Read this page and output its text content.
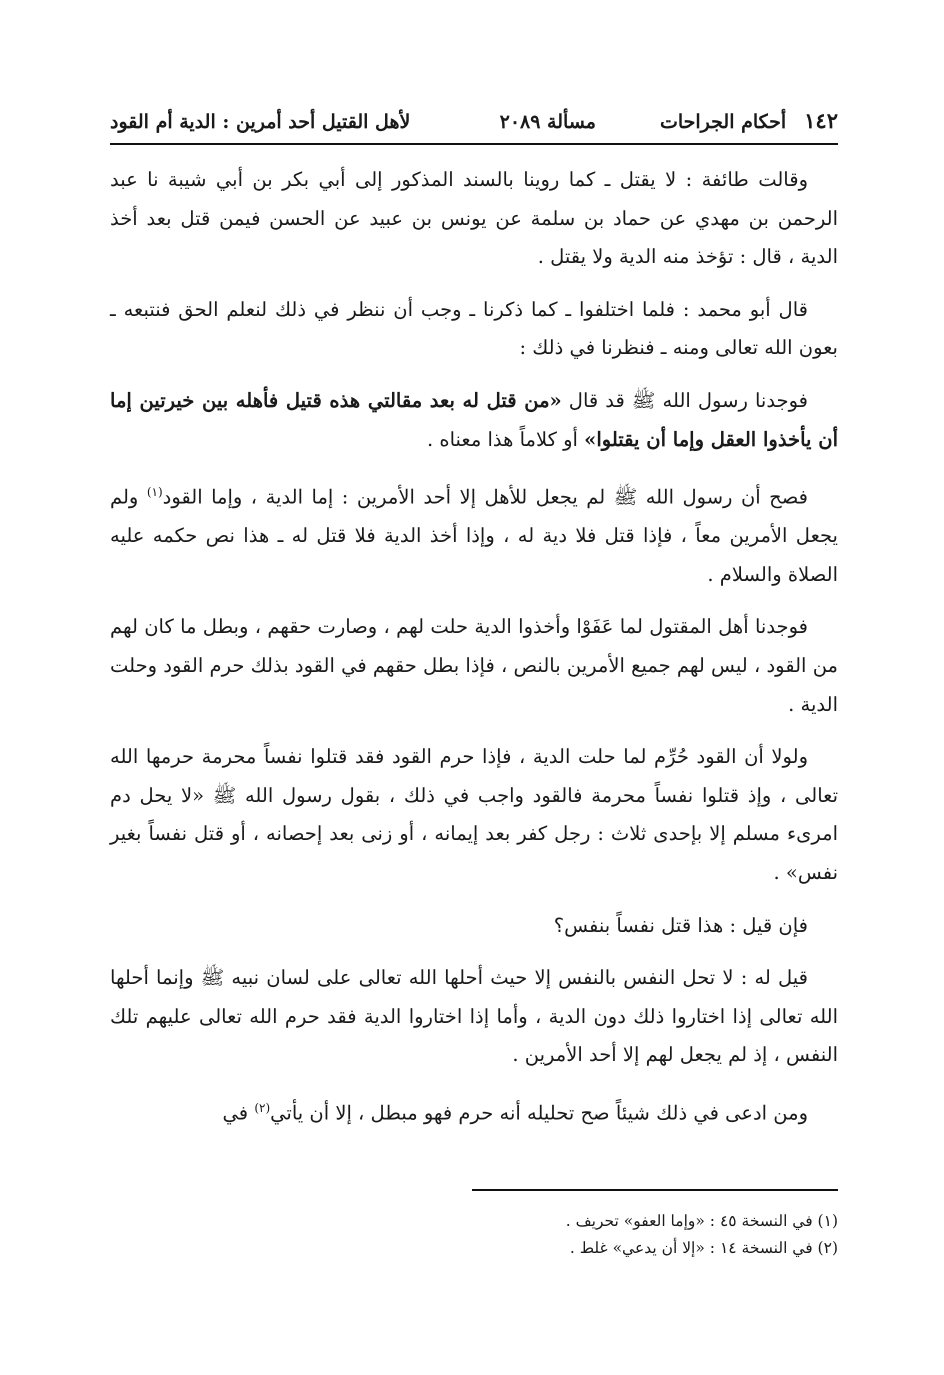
١٤٢
أحكام الجراحات
مسألة ٢٠٨٩
لأهل القتيل أحد أمرين : الدية أم القود

وقالت طائفة : لا يقتل ـ كما روينا بالسند المذكور إلى أبي بكر بن أبي شيبة نا عبد الرحمن بن مهدي عن حماد بن سلمة عن يونس بن عبيد عن الحسن فيمن قتل بعد أخذ الدية ، قال : تؤخذ منه الدية ولا يقتل .

قال أبو محمد : فلما اختلفوا ـ كما ذكرنا ـ وجب أن ننظر في ذلك لنعلم الحق فنتبعه ـ بعون الله تعالى ومنه ـ فنظرنا في ذلك :

فوجدنا رسول الله ﷺ قد قال «من قتل له بعد مقالتي هذه قتيل فأهله بين خيرتين إما أن يأخذوا العقل وإما أن يقتلوا» أو كلاماً هذا معناه .

فصح أن رسول الله ﷺ لم يجعل للأهل إلا أحد الأمرين : إما الدية ، وإما القود$^{(١)}$ ولم يجعل الأمرين معاً ، فإذا قتل فلا دية له ، وإذا أخذ الدية فلا قتل له ـ هذا نص حكمه عليه الصلاة والسلام .

فوجدنا أهل المقتول لما عَفَوْا وأخذوا الدية حلت لهم ، وصارت حقهم ، وبطل ما كان لهم من القود ، ليس لهم جميع الأمرين بالنص ، فإذا بطل حقهم في القود بذلك حرم القود وحلت الدية .

ولولا أن القود حُرِّم لما حلت الدية ، فإذا حرم القود فقد قتلوا نفساً محرمة حرمها الله تعالى ، وإذ قتلوا نفساً محرمة فالقود واجب في ذلك ، بقول رسول الله ﷺ «لا يحل دم امرىء مسلم إلا بإحدى ثلاث : رجل كفر بعد إيمانه ، أو زنى بعد إحصانه ، أو قتل نفساً بغير نفس» .

فإن قيل : هذا قتل نفساً بنفس؟

قيل له : لا تحل النفس بالنفس إلا حيث أحلها الله تعالى على لسان نبيه ﷺ وإنما أحلها الله تعالى إذا اختاروا ذلك دون الدية ، وأما إذا اختاروا الدية فقد حرم الله تعالى عليهم تلك النفس ، إذ لم يجعل لهم إلا أحد الأمرين .

ومن ادعى في ذلك شيئاً صح تحليله أنه حرم فهو مبطل ، إلا أن يأتي$^{(٢)}$ في

(١) في النسخة ٤٥ : «وإما العفو» تحريف .

(٢) في النسخة ١٤ : «إلا أن يدعي» غلط .
